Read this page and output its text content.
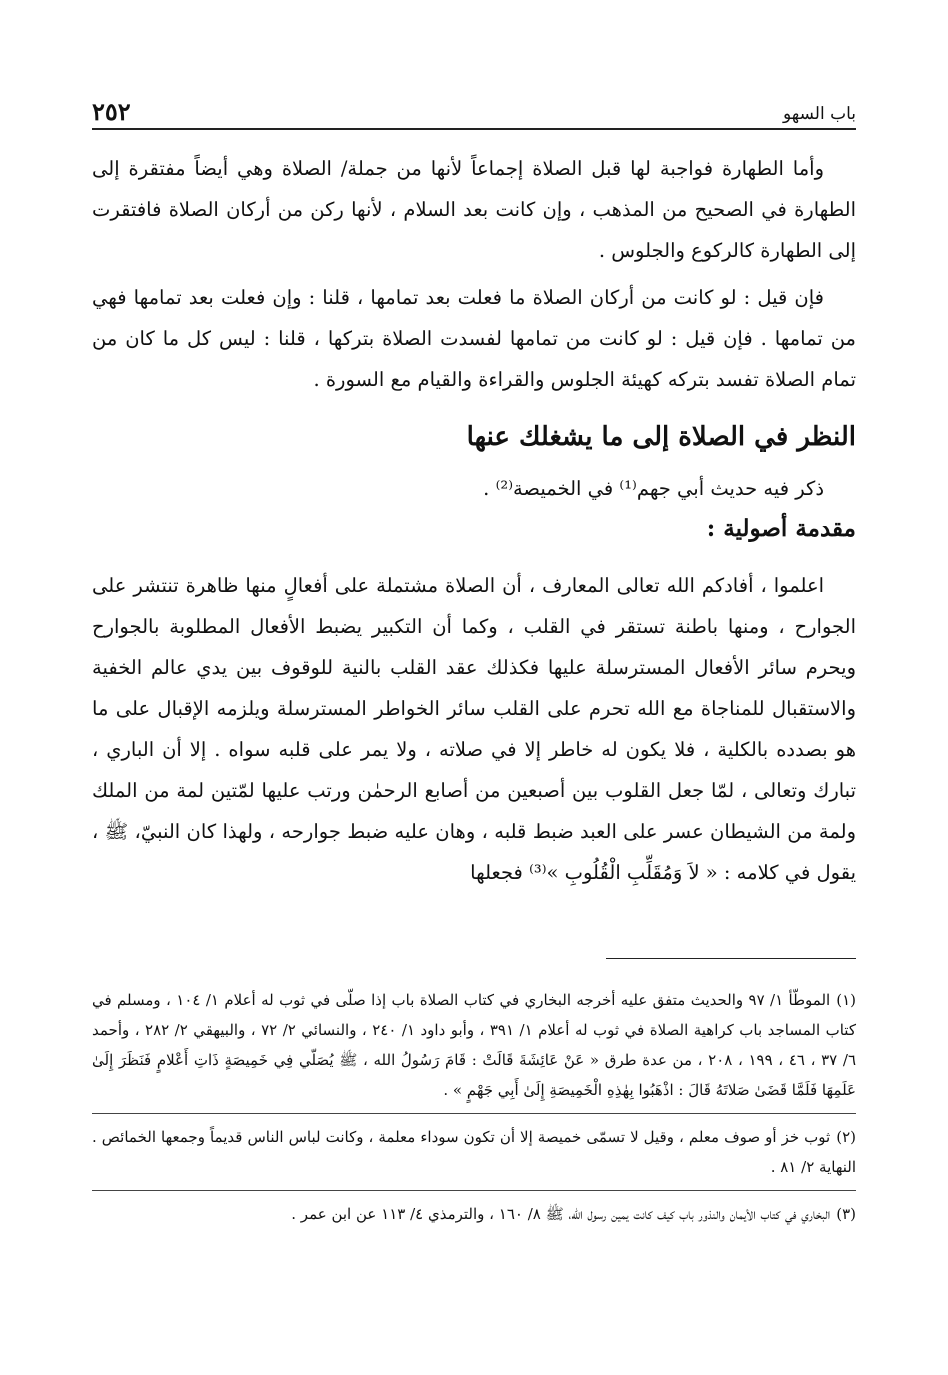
باب السهو
٢٥٢

وأما الطهارة فواجبة لها قبل الصلاة إجماعاً لأنها من جملة/ الصلاة وهي أيضاً مفتقرة إلى الطهارة في الصحيح من المذهب ، وإن كانت بعد السلام ، لأنها ركن من أركان الصلاة فافتقرت إلى الطهارة كالركوع والجلوس .

فإن قيل : لو كانت من أركان الصلاة ما فعلت بعد تمامها ، قلنا : وإن فعلت بعد تمامها فهي من تمامها . فإن قيل : لو كانت من تمامها لفسدت الصلاة بتركها ، قلنا : ليس كل ما كان من تمام الصلاة تفسد بتركه كهيئة الجلوس والقراءة والقيام مع السورة .

النظر في الصلاة إلى ما يشغلك عنها

ذكر فيه حديث أبي جهم⁽¹⁾ في الخميصة⁽²⁾ .

مقدمة أصولية :

اعلموا ، أفادكم الله تعالى المعارف ، أن الصلاة مشتملة على أفعالٍ منها ظاهرة تنتشر على الجوارح ، ومنها باطنة تستقر في القلب ، وكما أن التكبير يضبط الأفعال المطلوبة بالجوارح ويحرم سائر الأفعال المسترسلة عليها فكذلك عقد القلب بالنية للوقوف بين يدي عالم الخفية والاستقبال للمناجاة مع الله تحرم على القلب سائر الخواطر المسترسلة ويلزمه الإقبال على ما هو بصدده بالكلية ، فلا يكون له خاطر إلا في صلاته ، ولا يمر على قلبه سواه . إلا أن الباري ، تبارك وتعالى ، لمّا جعل القلوب بين أصبعين من أصابع الرحمٰن ورتب عليها لمّتين لمة من الملك ولمة من الشيطان عسر على العبد ضبط قلبه ، وهان عليه ضبط جوارحه ، ولهذا كان النبيّ، ﷺ ، يقول في كلامه : « لاَ وَمُقَلِّبِ الْقُلُوبِ »⁽³⁾ فجعلها

(١)الموطّأ ١/ ٩٧ والحديث متفق عليه أخرجه البخاري في كتاب الصلاة باب إذا صلّى في ثوب له أعلام ١/ ١٠٤ ، ومسلم في كتاب المساجد باب كراهية الصلاة في ثوب له أعلام ١/ ٣٩١ ، وأبو داود ١/ ٢٤٠ ، والنسائي ٢/ ٧٢ ، والبيهقي ٢/ ٢٨٢ ، وأحمد ٦/ ٣٧ ، ٤٦ ، ١٩٩ ، ٢٠٨ ، من عدة طرق « عَنْ عَائِشَةَ قَالَتْ : قَامَ رَسُولُ الله ، ﷺ يُصَلّي فِي خَمِيصَةٍ ذَاتِ أَعْلامٍ فَنَظَرَ إِلَىٰ عَلَمِهَا فَلَمَّا قَضَىٰ صَلاتَهُ قَالَ : اذْهَبُوا بِهٰذِهِ الْخَمِيصَةِ إِلَىٰ أَبِي جَهْمٍ » .

(٢)ثوب خز أو صوف معلم ، وقيل لا تسمّى خميصة إلا أن تكون سوداء معلمة ، وكانت لباس الناس قديماً وجمعها الخمائص . النهاية ٢/ ٨١ .

(٣)البخاري في كتاب الأيمان والنذور باب كيف كانت يمين رسول الله، ﷺ ٨/ ١٦٠ ، والترمذي ٤/ ١١٣ عن ابن عمر .
